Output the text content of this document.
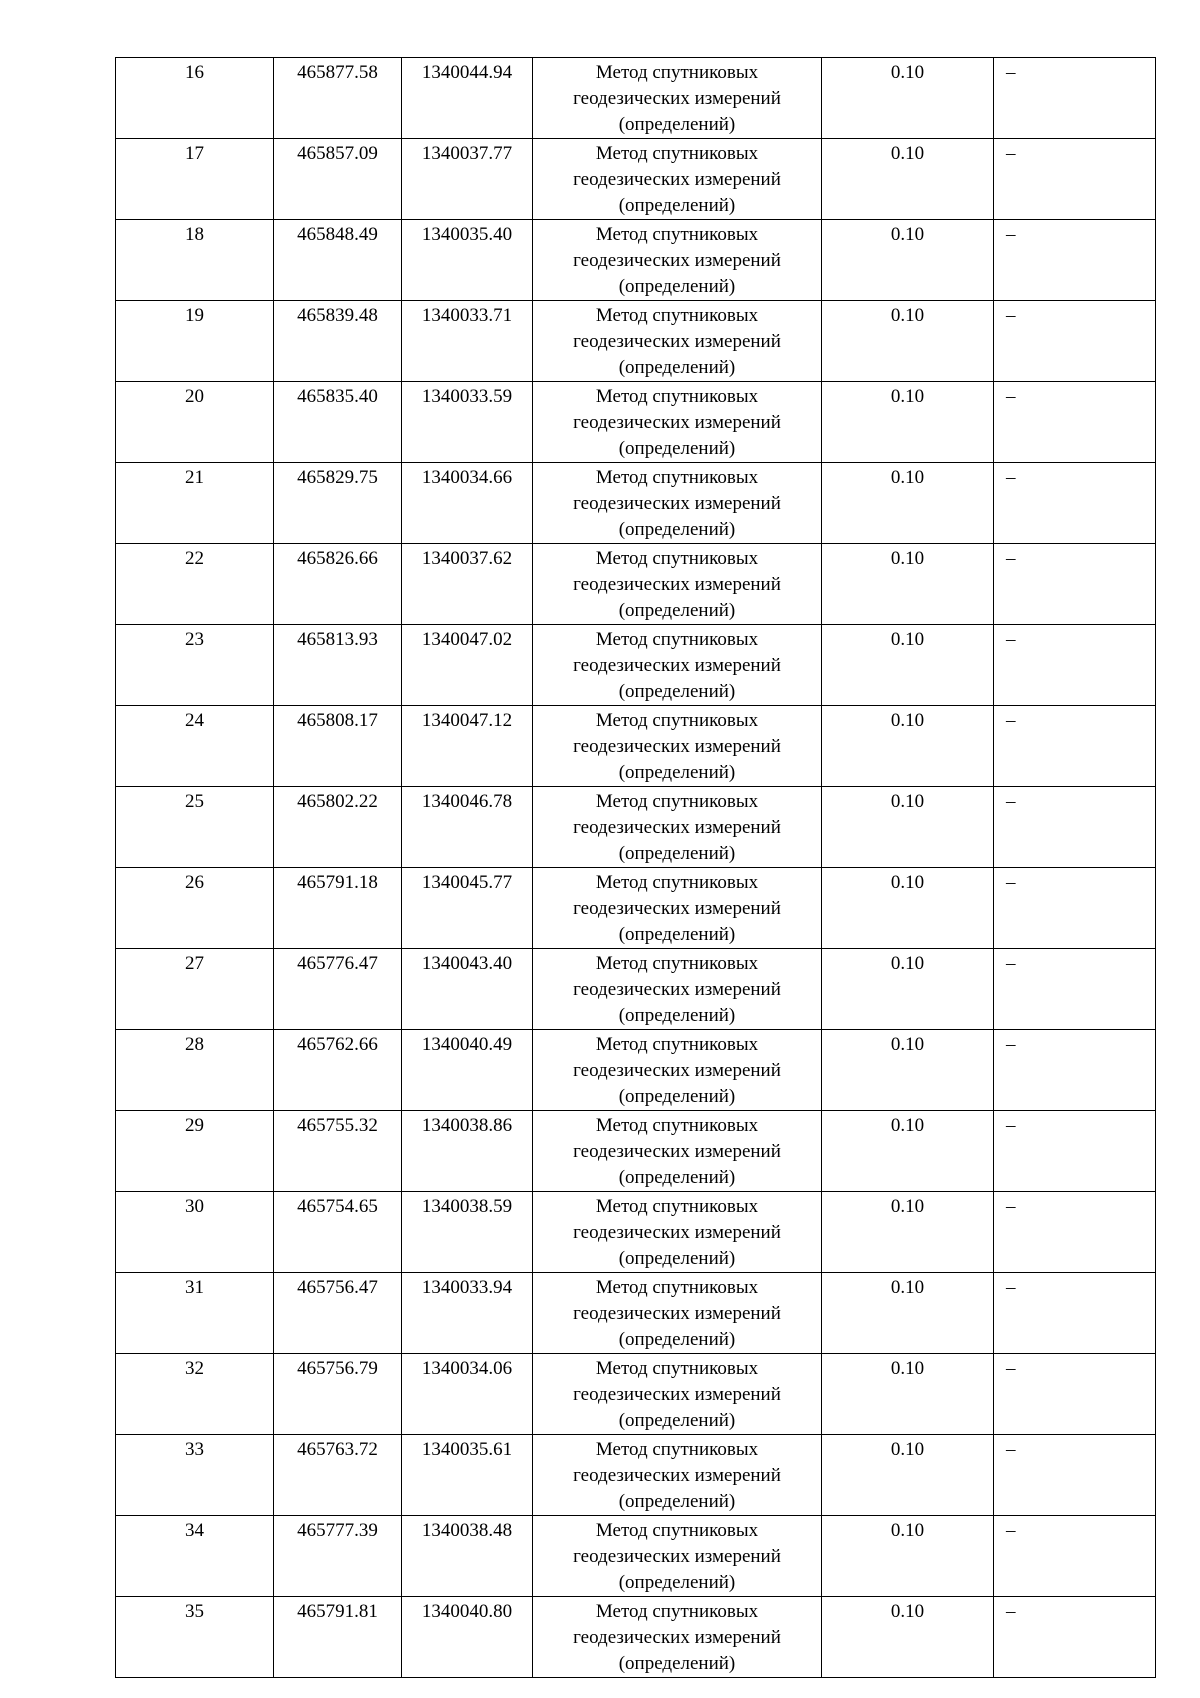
16	465877.58	1340044.94	Метод спутниковых геодезических измерений (определений)	0.10	–
17	465857.09	1340037.77	Метод спутниковых геодезических измерений (определений)	0.10	–
18	465848.49	1340035.40	Метод спутниковых геодезических измерений (определений)	0.10	–
19	465839.48	1340033.71	Метод спутниковых геодезических измерений (определений)	0.10	–
20	465835.40	1340033.59	Метод спутниковых геодезических измерений (определений)	0.10	–
21	465829.75	1340034.66	Метод спутниковых геодезических измерений (определений)	0.10	–
22	465826.66	1340037.62	Метод спутниковых геодезических измерений (определений)	0.10	–
23	465813.93	1340047.02	Метод спутниковых геодезических измерений (определений)	0.10	–
24	465808.17	1340047.12	Метод спутниковых геодезических измерений (определений)	0.10	–
25	465802.22	1340046.78	Метод спутниковых геодезических измерений (определений)	0.10	–
26	465791.18	1340045.77	Метод спутниковых геодезических измерений (определений)	0.10	–
27	465776.47	1340043.40	Метод спутниковых геодезических измерений (определений)	0.10	–
28	465762.66	1340040.49	Метод спутниковых геодезических измерений (определений)	0.10	–
29	465755.32	1340038.86	Метод спутниковых геодезических измерений (определений)	0.10	–
30	465754.65	1340038.59	Метод спутниковых геодезических измерений (определений)	0.10	–
31	465756.47	1340033.94	Метод спутниковых геодезических измерений (определений)	0.10	–
32	465756.79	1340034.06	Метод спутниковых геодезических измерений (определений)	0.10	–
33	465763.72	1340035.61	Метод спутниковых геодезических измерений (определений)	0.10	–
34	465777.39	1340038.48	Метод спутниковых геодезических измерений (определений)	0.10	–
35	465791.81	1340040.80	Метод спутниковых геодезических измерений (определений)	0.10	–
